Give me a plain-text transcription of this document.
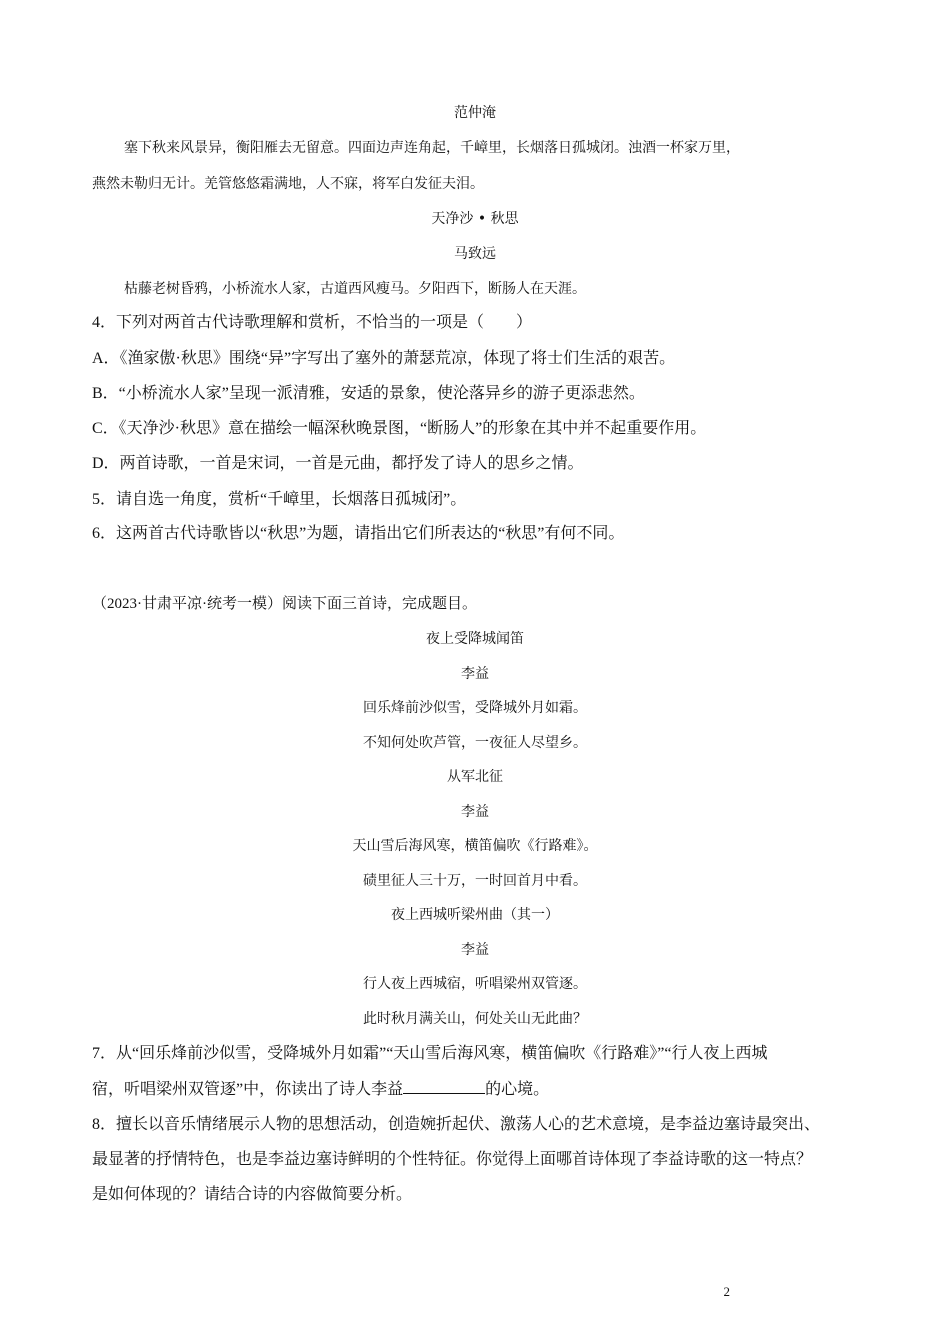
范仲淹
塞下秋来风景异，衡阳雁去无留意。四面边声连角起，千嶂里，长烟落日孤城闭。浊酒一杯家万里，
燕然未勒归无计。羌管悠悠霜满地，人不寐，将军白发征夫泪。
天净沙 • 秋思
马致远
枯藤老树昏鸦，小桥流水人家，古道西风瘦马。夕阳西下，断肠人在天涯。
4．下列对两首古代诗歌理解和赏析，不恰当的一项是（　　）
A．《渔家傲·秋思》围绕“异”字写出了塞外的萧瑟荒凉，体现了将士们生活的艰苦。
B．“小桥流水人家”呈现一派清雅，安适的景象，使沦落异乡的游子更添悲然。
C．《天净沙·秋思》意在描绘一幅深秋晚景图，“断肠人”的形象在其中并不起重要作用。
D．两首诗歌，一首是宋词，一首是元曲，都抒发了诗人的思乡之情。
5．请自选一角度，赏析“千嶂里，长烟落日孤城闭”。
6．这两首古代诗歌皆以“秋思”为题，请指出它们所表达的“秋思”有何不同。
（2023·甘肃平凉·统考一模）阅读下面三首诗，完成题目。
夜上受降城闻笛
李益
回乐烽前沙似雪，受降城外月如霜。
不知何处吹芦管，一夜征人尽望乡。
从军北征
李益
天山雪后海风寒，横笛偏吹《行路难》。
碛里征人三十万，一时回首月中看。
夜上西城听梁州曲（其一）
李益
行人夜上西城宿，听唱梁州双管逐。
此时秋月满关山，何处关山无此曲？
7．从“回乐烽前沙似雪，受降城外月如霜”“天山雪后海风寒，横笛偏吹《行路难》”“行人夜上西城
宿，听唱梁州双管逐”中，你读出了诗人李益	的心境。
8．擅长以音乐情绪展示人物的思想活动，创造婉折起伏、激荡人心的艺术意境，是李益边塞诗最突出、
最显著的抒情特色，也是李益边塞诗鲜明的个性特征。你觉得上面哪首诗体现了李益诗歌的这一特点？
是如何体现的？请结合诗的内容做简要分析。
2
